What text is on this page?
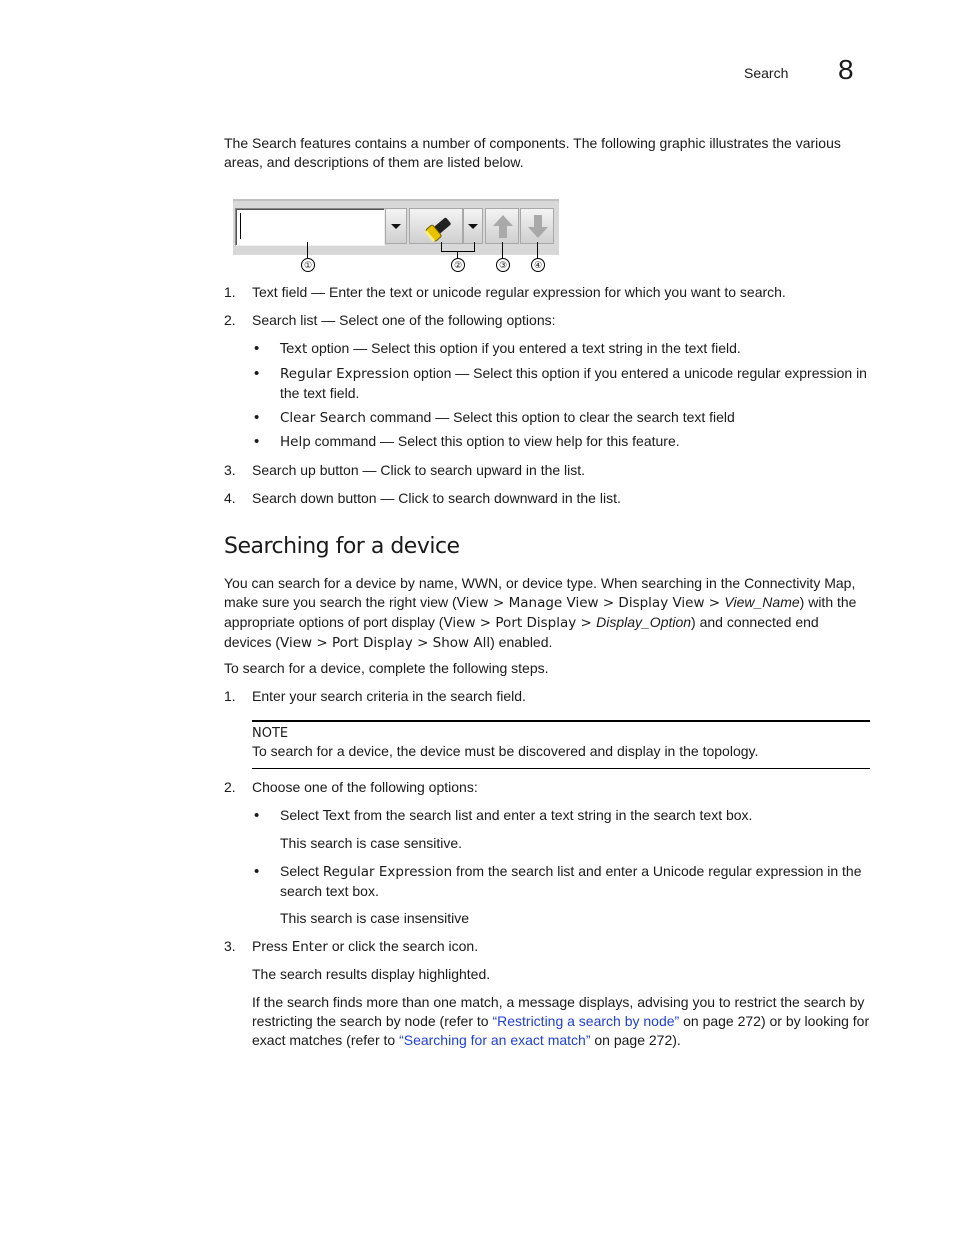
Search 8
The Search features contains a number of components. The following graphic illustrates the various areas, and descriptions of them are listed below.
①	②	③	④
1. Text field — Enter the text or unicode regular expression for which you want to search.
2. Search list — Select one of the following options:
• Text option — Select this option if you entered a text string in the text field.
• Regular Expression option — Select this option if you entered a unicode regular expression in the text field.
• Clear Search command — Select this option to clear the search text field
• Help command — Select this option to view help for this feature.
3. Search up button — Click to search upward in the list.
4. Search down button — Click to search downward in the list.
Searching for a device
You can search for a device by name, WWN, or device type. When searching in the Connectivity Map, make sure you search the right view (View > Manage View > Display View > View_Name) with the appropriate options of port display (View > Port Display > Display_Option) and connected end devices (View > Port Display > Show All) enabled.
To search for a device, complete the following steps.
1. Enter your search criteria in the search field.
NOTE
To search for a device, the device must be discovered and display in the topology.
2. Choose one of the following options:
• Select Text from the search list and enter a text string in the search text box.
This search is case sensitive.
• Select Regular Expression from the search list and enter a Unicode regular expression in the search text box.
This search is case insensitive
3. Press Enter or click the search icon.
The search results display highlighted.
If the search finds more than one match, a message displays, advising you to restrict the search by restricting the search by node (refer to “Restricting a search by node” on page 272) or by looking for exact matches (refer to “Searching for an exact match” on page 272).
